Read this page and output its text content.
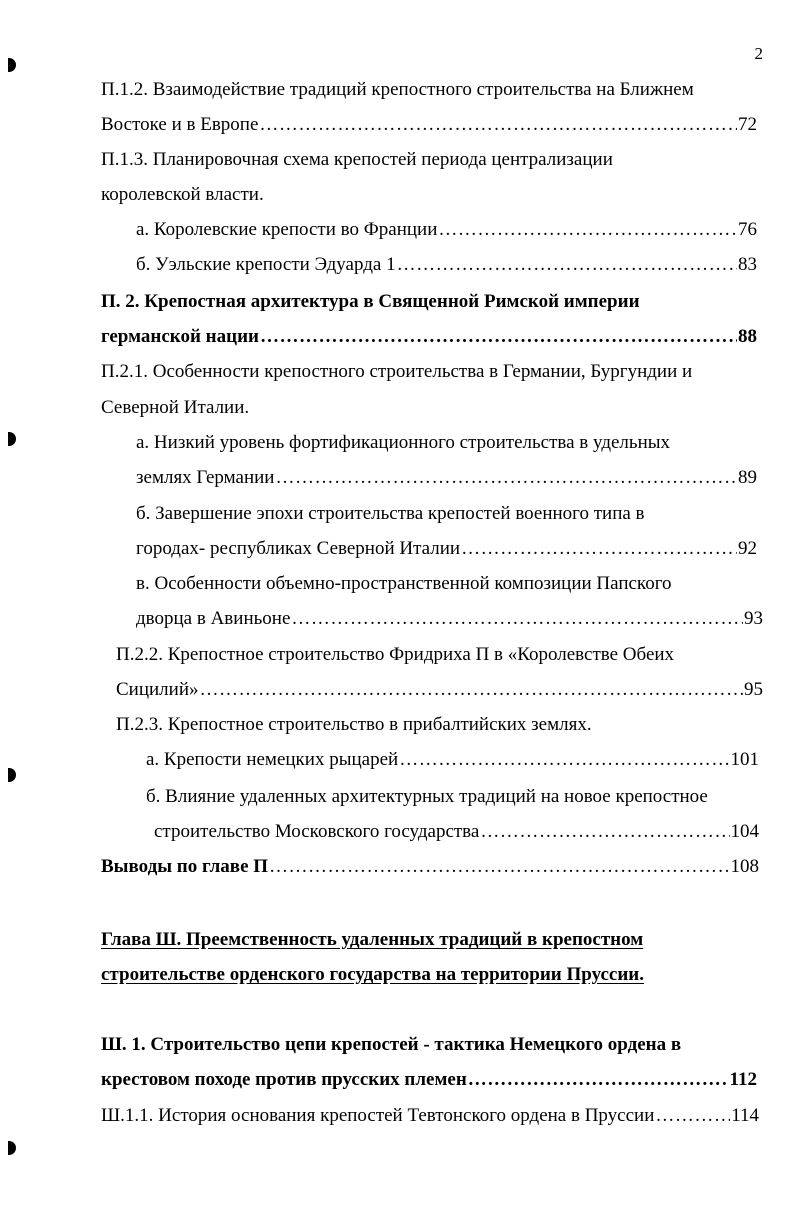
2
П.1.2. Взаимодействие традиций крепостного строительства на Ближнем
Востоке и в Европе …………………………………………………………………………………………………………………………………………………………………………………	72
П.1.3. Планировочная схема крепостей периода централизации
королевской власти.
а. Королевские крепости во Франции …………………………………………………………………………………………………………………………………………………………………………………	76
б. Уэльские крепости Эдуарда 1 …………………………………………………………………………………………………………………………………………………………………………………	83
П. 2. Крепостная архитектура в Священной Римской империи
германской нации …………………………………………………………………………………………………………………………………………………………………………………	88
П.2.1. Особенности крепостного строительства в Германии, Бургундии и
Северной Италии.
а. Низкий уровень фортификационного строительства в удельных
землях Германии …………………………………………………………………………………………………………………………………………………………………………………	89
б. Завершение эпохи строительства крепостей военного типа в
городах- республиках Северной Италии …………………………………………………………………………………………………………………………………………………………………………………	92
в. Особенности объемно-пространственной композиции Папского
дворца в Авиньоне …………………………………………………………………………………………………………………………………………………………………………………	93
П.2.2. Крепостное строительство Фридриха П в «Королевстве Обеих
Сицилий» …………………………………………………………………………………………………………………………………………………………………………………	95
П.2.3. Крепостное строительство в прибалтийских землях.
а. Крепости немецких рыцарей …………………………………………………………………………………………………………………………………………………………………………………	101
б. Влияние удаленных архитектурных традиций на новое крепостное
строительство Московского государства …………………………………………………………………………………………………………………………………………………………………………………	104
Выводы по главе П …………………………………………………………………………………………………………………………………………………………………………………	108
Глава Ш. Преемственность удаленных традиций в крепостном
строительстве орденского государства на территории Пруссии.
Ш. 1. Строительство цепи крепостей - тактика Немецкого ордена в
крестовом походе против прусских племен …………………………………………………………………………………………………………………………………………………………………………………	112
Ш.1.1. История основания крепостей Тевтонского ордена в Пруссии …………………………………………………………………………………………………………………………………………………………………………………	114
